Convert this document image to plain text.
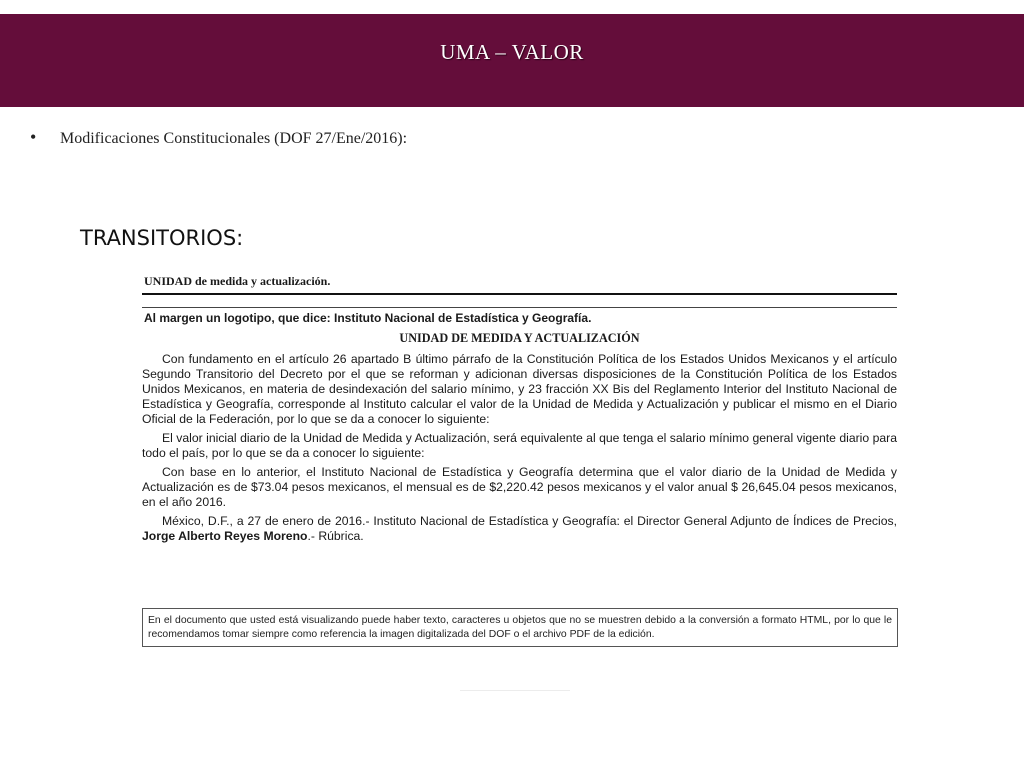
UMA – VALOR
• Modificaciones Constitucionales (DOF 27/Ene/2016):
TRANSITORIOS:
UNIDAD de medida y actualización.
Al margen un logotipo, que dice: Instituto Nacional de Estadística y Geografía.
UNIDAD DE MEDIDA Y ACTUALIZACIÓN

Con fundamento en el artículo 26 apartado B último párrafo de la Constitución Política de los Estados Unidos Mexicanos y el artículo Segundo Transitorio del Decreto por el que se reforman y adicionan diversas disposiciones de la Constitución Política de los Estados Unidos Mexicanos, en materia de desindexación del salario mínimo, y 23 fracción XX Bis del Reglamento Interior del Instituto Nacional de Estadística y Geografía, corresponde al Instituto calcular el valor de la Unidad de Medida y Actualización y publicar el mismo en el Diario Oficial de la Federación, por lo que se da a conocer lo siguiente:

El valor inicial diario de la Unidad de Medida y Actualización, será equivalente al que tenga el salario mínimo general vigente diario para todo el país, por lo que se da a conocer lo siguiente:

Con base en lo anterior, el Instituto Nacional de Estadística y Geografía determina que el valor diario de la Unidad de Medida y Actualización es de $73.04 pesos mexicanos, el mensual es de $2,220.42 pesos mexicanos y el valor anual $ 26,645.04 pesos mexicanos, en el año 2016.

México, D.F., a 27 de enero de 2016.- Instituto Nacional de Estadística y Geografía: el Director General Adjunto de Índices de Precios, Jorge Alberto Reyes Moreno.- Rúbrica.

En el documento que usted está visualizando puede haber texto, caracteres u objetos que no se muestren debido a la conversión a formato HTML, por lo que le recomendamos tomar siempre como referencia la imagen digitalizada del DOF o el archivo PDF de la edición.
